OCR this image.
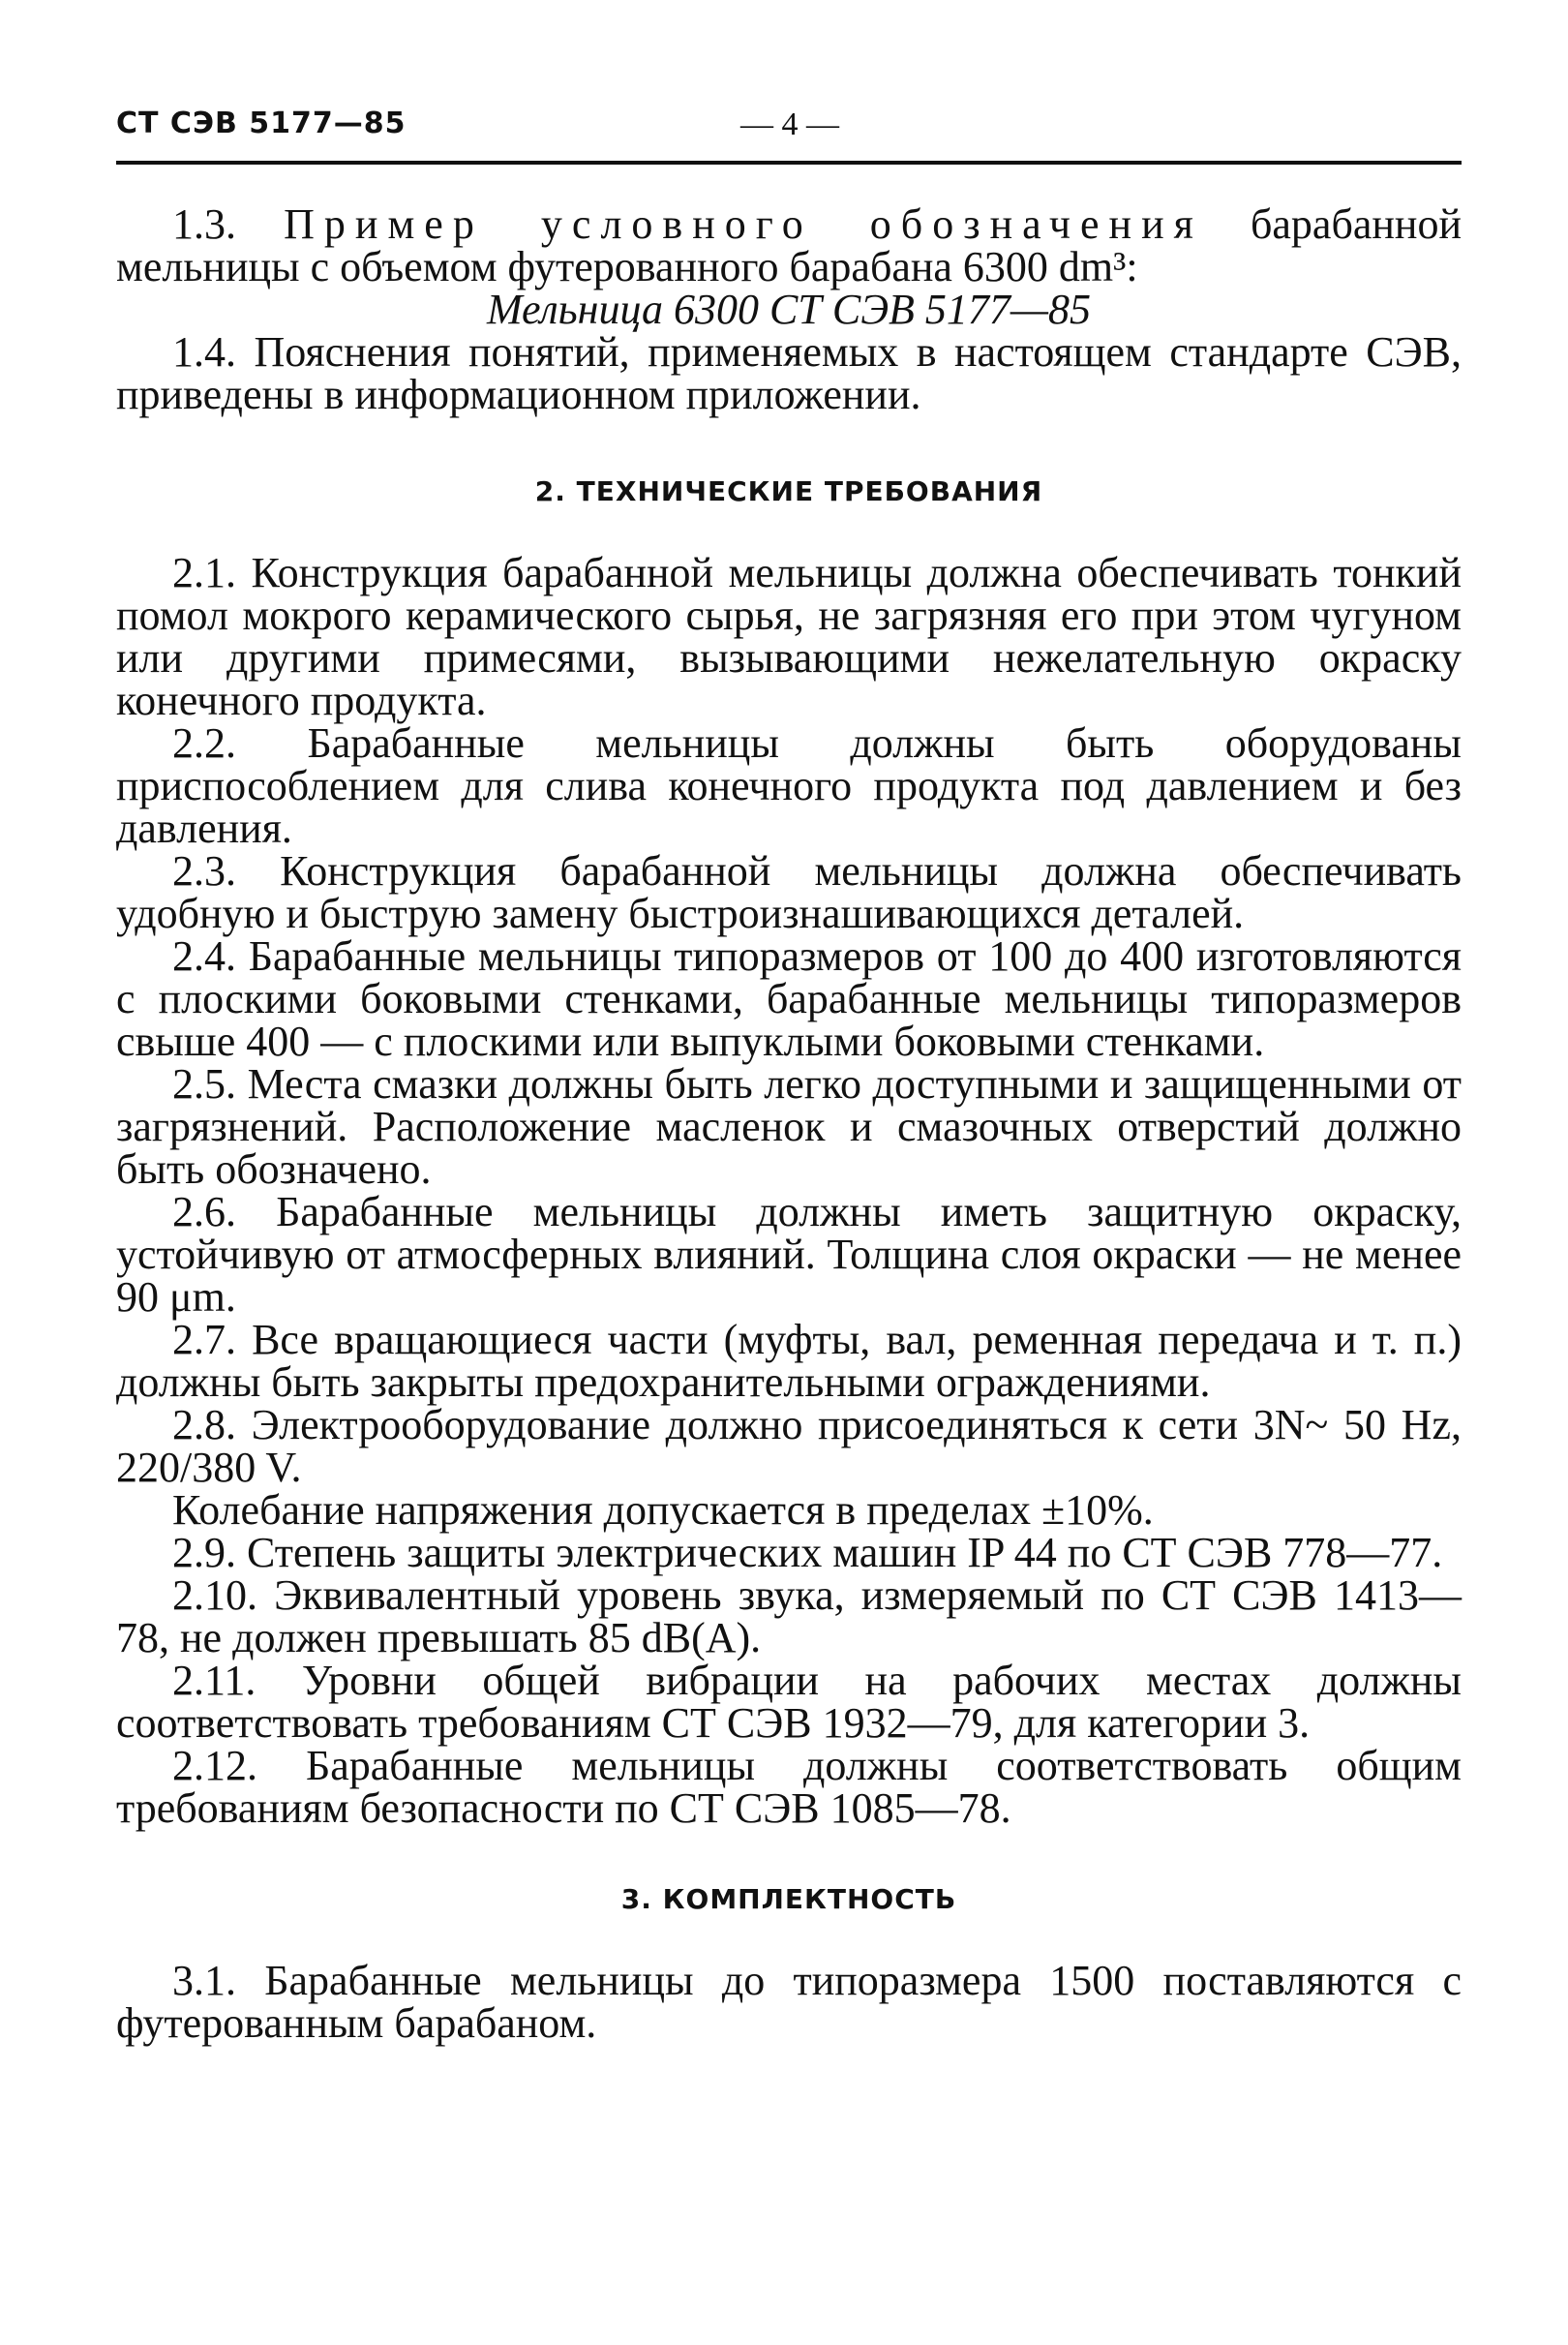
СТ СЭВ 5177—85	— 4 —

1.3. Пример условного обозначения барабанной мельницы с объемом футерованного барабана 6300 dm³:

Мельница 6300 СТ СЭВ 5177—85

1.4. Пояснения понятий, применяемых в настоящем стандарте СЭВ, приведены в информационном приложении.

2. ТЕХНИЧЕСКИЕ ТРЕБОВАНИЯ

2.1. Конструкция барабанной мельницы должна обеспечивать тонкий помол мокрого керамического сырья, не загрязняя его при этом чугуном или другими примесями, вызывающими нежелательную окраску конечного продукта.

2.2. Барабанные мельницы должны быть оборудованы приспособлением для слива конечного продукта под давлением и без давления.

2.3. Конструкция барабанной мельницы должна обеспечивать удобную и быструю замену быстроизнашивающихся деталей.

2.4. Барабанные мельницы типоразмеров от 100 до 400 изготовляются с плоскими боковыми стенками, барабанные мельницы типоразмеров свыше 400 — с плоскими или выпуклыми боковыми стенками.

2.5. Места смазки должны быть легко доступными и защищенными от загрязнений. Расположение масленок и смазочных отверстий должно быть обозначено.

2.6. Барабанные мельницы должны иметь защитную окраску, устойчивую от атмосферных влияний. Толщина слоя окраски — не менее 90 μm.

2.7. Все вращающиеся части (муфты, вал, ременная передача и т. п.) должны быть закрыты предохранительными ограждениями.

2.8. Электрооборудование должно присоединяться к сети 3N~ 50 Hz, 220/380 V.

Колебание напряжения допускается в пределах ±10%.

2.9. Степень защиты электрических машин IP 44 по СТ СЭВ 778—77.

2.10. Эквивалентный уровень звука, измеряемый по СТ СЭВ 1413—78, не должен превышать 85 dB(A).

2.11. Уровни общей вибрации на рабочих местах должны соответствовать требованиям СТ СЭВ 1932—79, для категории 3.

2.12. Барабанные мельницы должны соответствовать общим требованиям безопасности по СТ СЭВ 1085—78.

3. КОМПЛЕКТНОСТЬ

3.1. Барабанные мельницы до типоразмера 1500 поставляются с футерованным барабаном.
